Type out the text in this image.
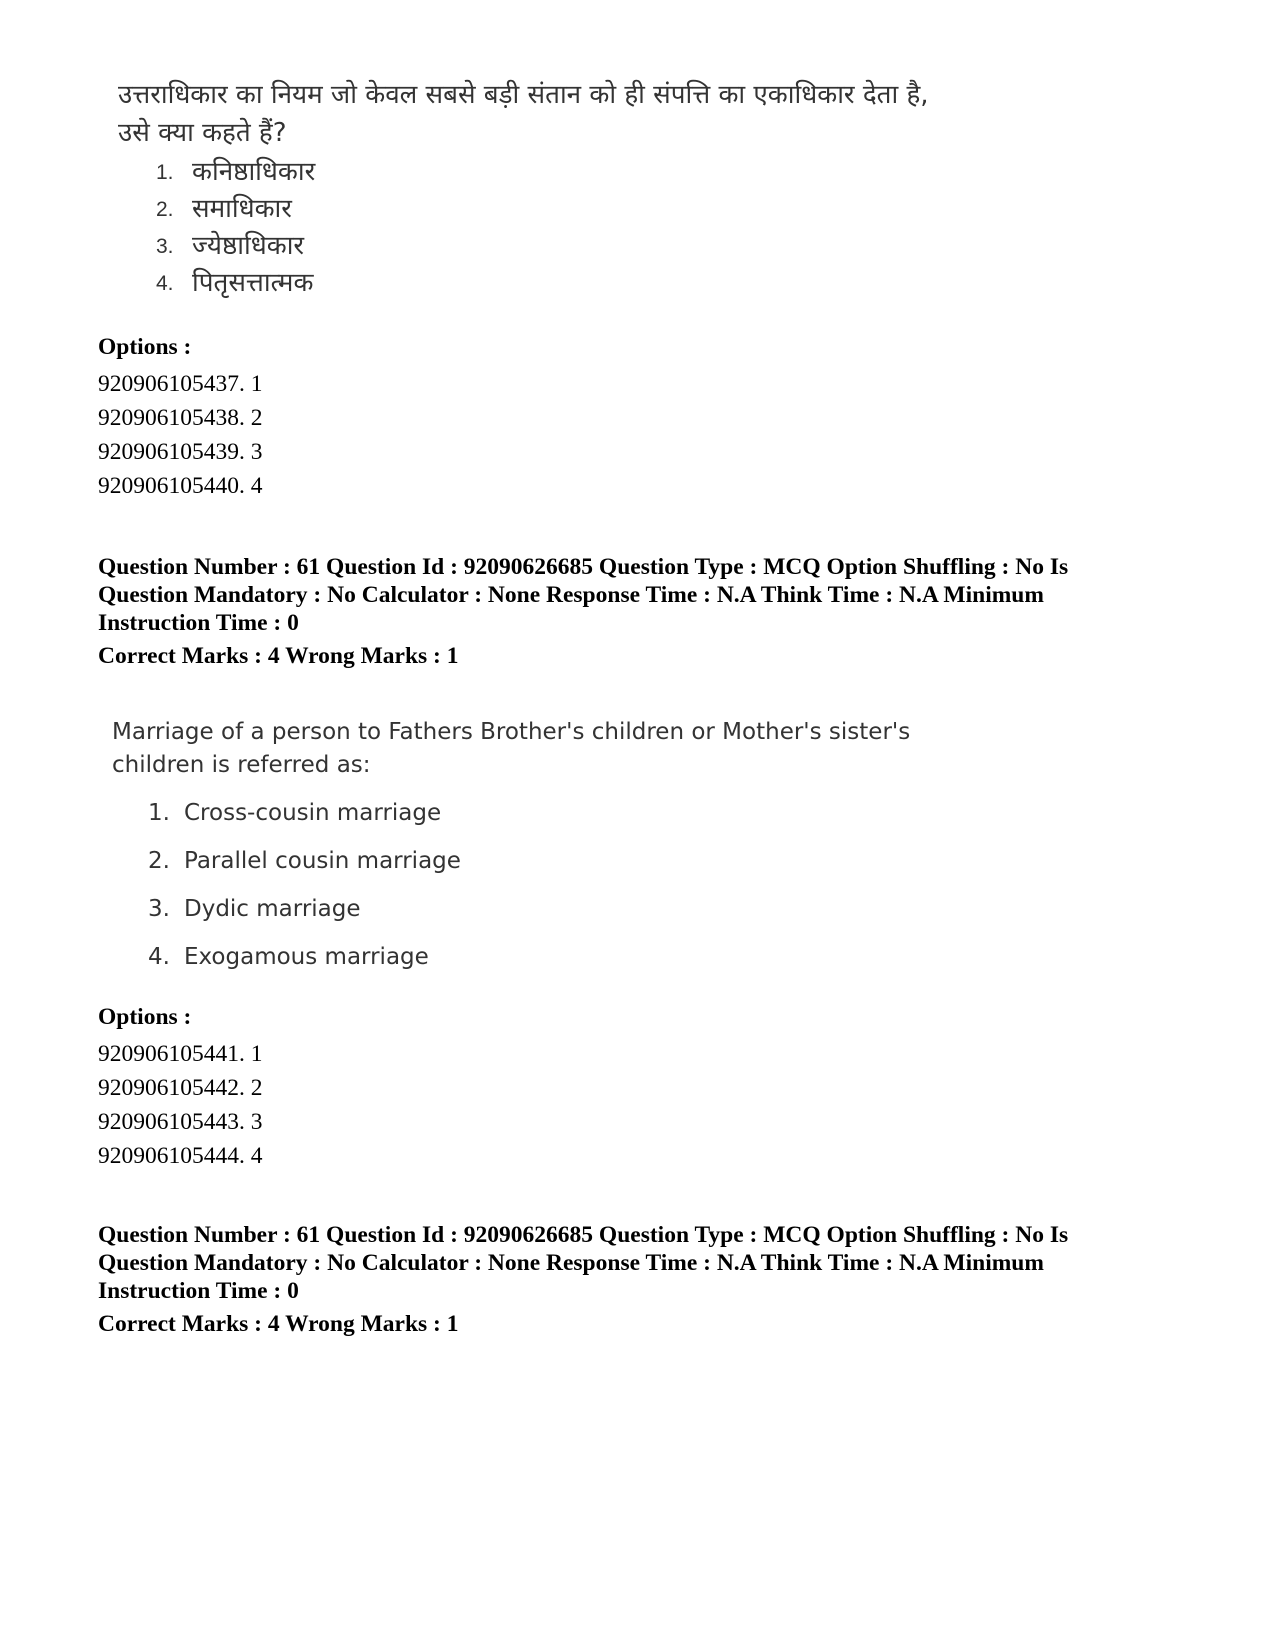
उत्तराधिकार का नियम जो केवल सबसे बड़ी संतान को ही संपत्ति का एकाधिकार देता है,
उसे क्या कहते हैं?
1. कनिष्ठाधिकार
2. समाधिकार
3. ज्येष्ठाधिकार
4. पितृसत्तात्मक
Options :
920906105437. 1
920906105438. 2
920906105439. 3
920906105440. 4
Question Number : 61 Question Id : 92090626685 Question Type : MCQ Option Shuffling : No Is
Question Mandatory : No Calculator : None Response Time : N.A Think Time : N.A Minimum
Instruction Time : 0
Correct Marks : 4 Wrong Marks : 1
Marriage of a person to Fathers Brother's children or Mother's sister's
children is referred as:
1. Cross-cousin marriage
2. Parallel cousin marriage
3. Dydic marriage
4. Exogamous marriage
Options :
920906105441. 1
920906105442. 2
920906105443. 3
920906105444. 4
Question Number : 61 Question Id : 92090626685 Question Type : MCQ Option Shuffling : No Is
Question Mandatory : No Calculator : None Response Time : N.A Think Time : N.A Minimum
Instruction Time : 0
Correct Marks : 4 Wrong Marks : 1
